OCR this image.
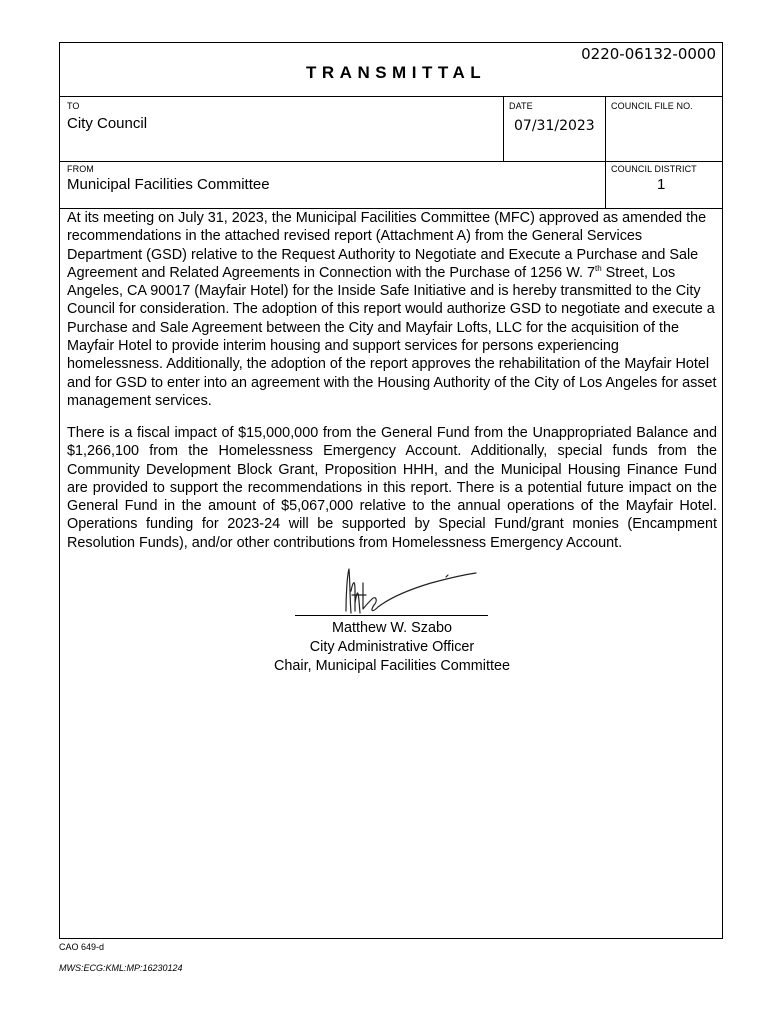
0220-06132-0000
TRANSMITTAL
TO
City Council
DATE
07/31/2023
COUNCIL FILE NO.
FROM
Municipal Facilities Committee
COUNCIL DISTRICT
1
At its meeting on July 31, 2023, the Municipal Facilities Committee (MFC) approved as amended the recommendations in the attached revised report (Attachment A) from the General Services Department (GSD) relative to the Request Authority to Negotiate and Execute a Purchase and Sale Agreement and Related Agreements in Connection with the Purchase of 1256 W. 7th Street, Los Angeles, CA 90017 (Mayfair Hotel) for the Inside Safe Initiative and is hereby transmitted to the City Council for consideration. The adoption of this report would authorize GSD to negotiate and execute a Purchase and Sale Agreement between the City and Mayfair Lofts, LLC for the acquisition of the Mayfair Hotel to provide interim housing and support services for persons experiencing homelessness. Additionally, the adoption of the report approves the rehabilitation of the Mayfair Hotel and for GSD to enter into an agreement with the Housing Authority of the City of Los Angeles for asset management services.
There is a fiscal impact of $15,000,000 from the General Fund from the Unappropriated Balance and $1,266,100 from the Homelessness Emergency Account. Additionally, special funds from the Community Development Block Grant, Proposition HHH, and the Municipal Housing Finance Fund are provided to support the recommendations in this report. There is a potential future impact on the General Fund in the amount of $5,067,000 relative to the annual operations of the Mayfair Hotel. Operations funding for 2023-24 will be supported by Special Fund/grant monies (Encampment Resolution Funds), and/or other contributions from Homelessness Emergency Account.
Matthew W. Szabo
City Administrative Officer
Chair, Municipal Facilities Committee
CAO 649-d
MWS:ECG:KML:MP:16230124
